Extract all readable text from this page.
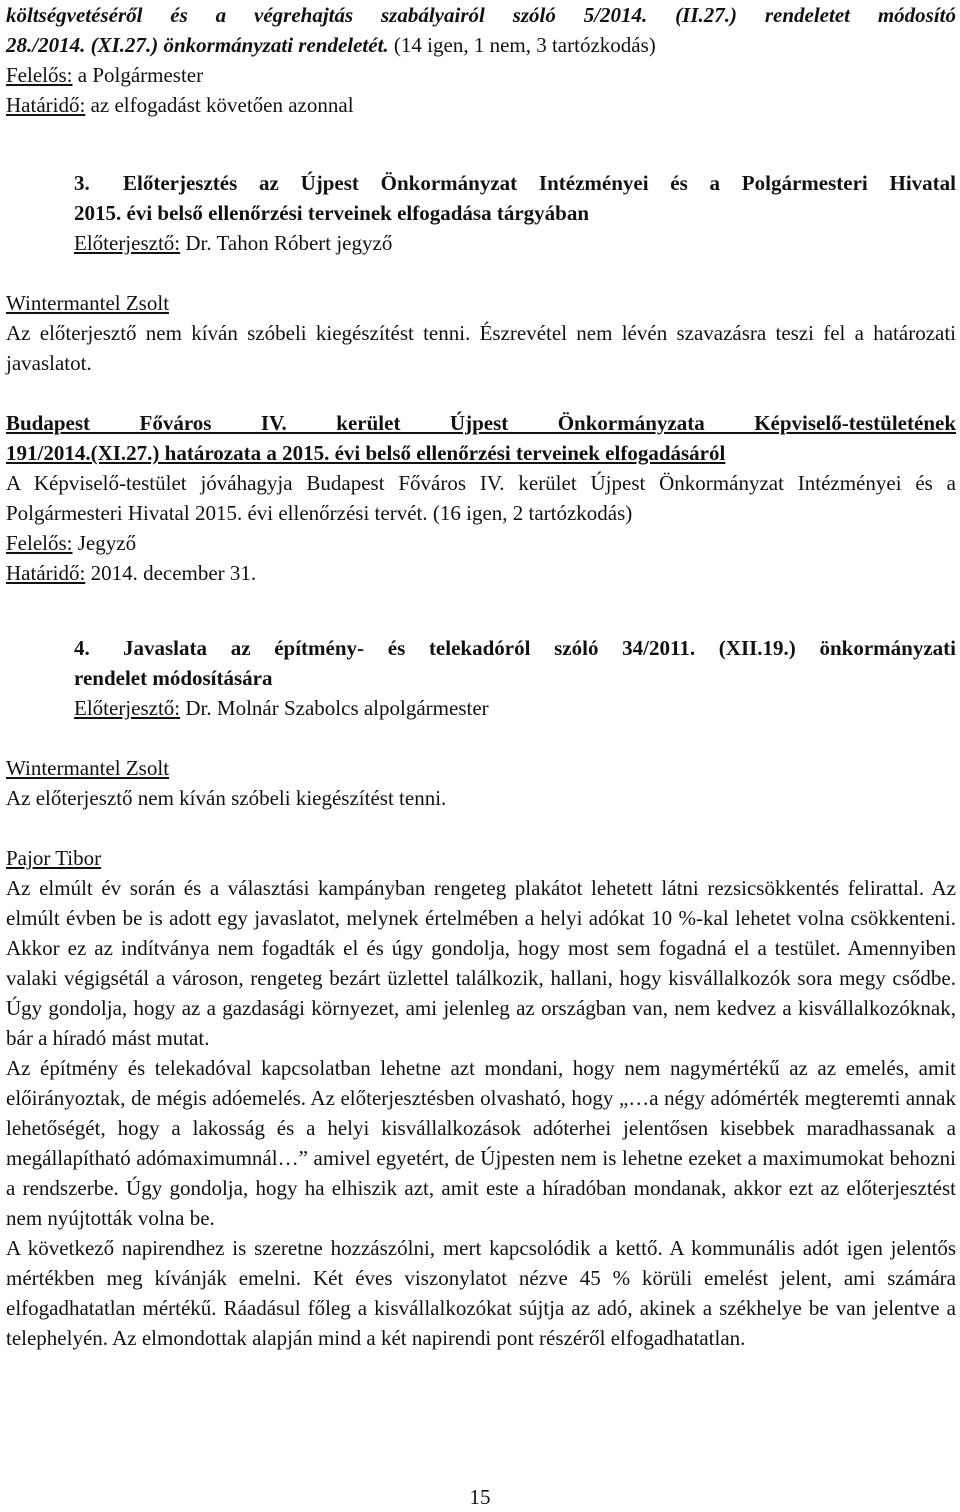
költségvetéséről és a végrehajtás szabályairól szóló 5/2014. (II.27.) rendeletet módosító

28./2014. (XI.27.) önkormányzati rendeletét. (14 igen, 1 nem, 3 tartózkodás)

Felelős: a Polgármester

Határidő: az elfogadást követően azonnal

3. Előterjesztés az Újpest Önkormányzat Intézményei és a Polgármesteri Hivatal

2015. évi belső ellenőrzési terveinek elfogadása tárgyában

Előterjesztő: Dr. Tahon Róbert jegyző

Wintermantel Zsolt

Az előterjesztő nem kíván szóbeli kiegészítést tenni. Észrevétel nem lévén szavazásra teszi fel a határozati javaslatot.

Budapest Főváros IV. kerület Újpest Önkormányzata Képviselő-testületének

191/2014.(XI.27.) határozata a 2015. évi belső ellenőrzési terveinek elfogadásáról

A Képviselő-testület jóváhagyja Budapest Főváros IV. kerület Újpest Önkormányzat Intézményei és a Polgármesteri Hivatal 2015. évi ellenőrzési tervét. (16 igen, 2 tartózkodás)

Felelős: Jegyző

Határidő: 2014. december 31.

4. Javaslata az építmény- és telekadóról szóló 34/2011. (XII.19.) önkormányzati

rendelet módosítására

Előterjesztő: Dr. Molnár Szabolcs alpolgármester

Wintermantel Zsolt

Az előterjesztő nem kíván szóbeli kiegészítést tenni.

Pajor Tibor

Az elmúlt év során és a választási kampányban rengeteg plakátot lehetett látni rezsicsökkentés felirattal. Az elmúlt évben be is adott egy javaslatot, melynek értelmében a helyi adókat 10 %-kal lehetet volna csökkenteni. Akkor ez az indítványa nem fogadták el és úgy gondolja, hogy most sem fogadná el a testület. Amennyiben valaki végigsétál a városon, rengeteg bezárt üzlettel találkozik, hallani, hogy kisvállalkozók sora megy csődbe. Úgy gondolja, hogy az a gazdasági környezet, ami jelenleg az országban van, nem kedvez a kisvállalkozóknak, bár a híradó mást mutat.

Az építmény és telekadóval kapcsolatban lehetne azt mondani, hogy nem nagymértékű az az emelés, amit előirányoztak, de mégis adóemelés. Az előterjesztésben olvasható, hogy „…a négy adómérték megteremti annak lehetőségét, hogy a lakosság és a helyi kisvállalkozások adóterhei jelentősen kisebbek maradhassanak a megállapítható adómaximumnál…” amivel egyetért, de Újpesten nem is lehetne ezeket a maximumokat behozni a rendszerbe. Úgy gondolja, hogy ha elhiszik azt, amit este a híradóban mondanak, akkor ezt az előterjesztést nem nyújtották volna be.

A következő napirendhez is szeretne hozzászólni, mert kapcsolódik a kettő. A kommunális adót igen jelentős mértékben meg kívánják emelni. Két éves viszonylatot nézve 45 % körüli emelést jelent, ami számára elfogadhatatlan mértékű. Ráadásul főleg a kisvállalkozókat sújtja az adó, akinek a székhelye be van jelentve a telephelyén. Az elmondottak alapján mind a két napirendi pont részéről elfogadhatatlan.

15
